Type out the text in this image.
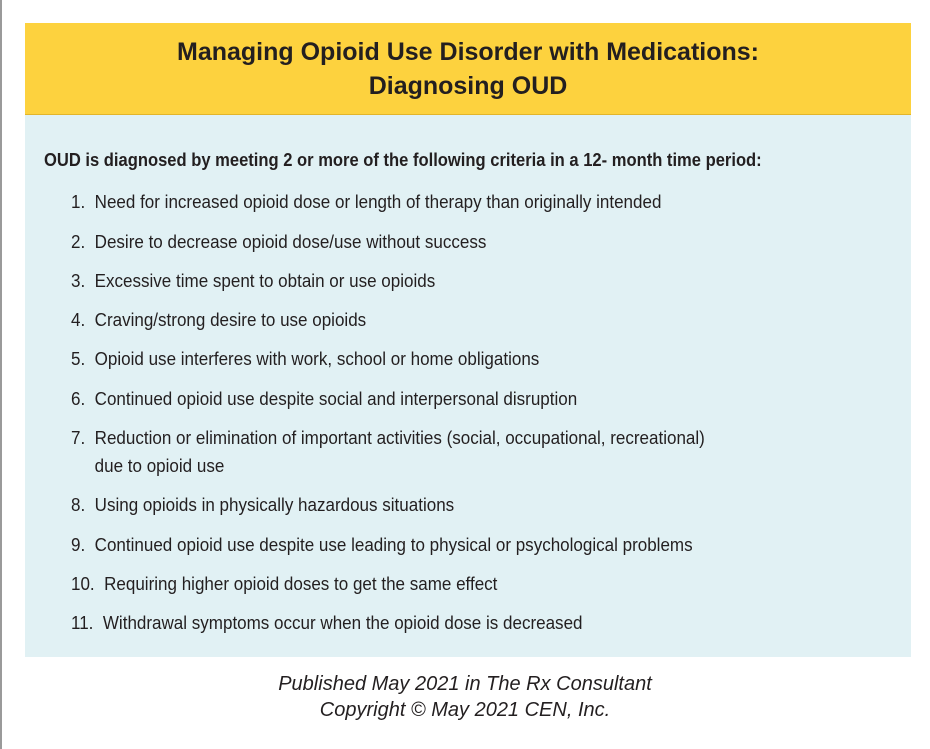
Managing Opioid Use Disorder with Medications:
Diagnosing OUD
OUD is diagnosed by meeting 2 or more of the following criteria in a 12- month time period:
1. Need for increased opioid dose or length of therapy than originally intended
2. Desire to decrease opioid dose/use without success
3. Excessive time spent to obtain or use opioids
4. Craving/strong desire to use opioids
5. Opioid use interferes with work, school or home obligations
6. Continued opioid use despite social and interpersonal disruption
7. Reduction or elimination of important activities (social, occupational, recreational)
due to opioid use
8. Using opioids in physically hazardous situations
9. Continued opioid use despite use leading to physical or psychological problems
10. Requiring higher opioid doses to get the same effect
11. Withdrawal symptoms occur when the opioid dose is decreased
Published May 2021 in The Rx Consultant
Copyright © May 2021 CEN, Inc.
